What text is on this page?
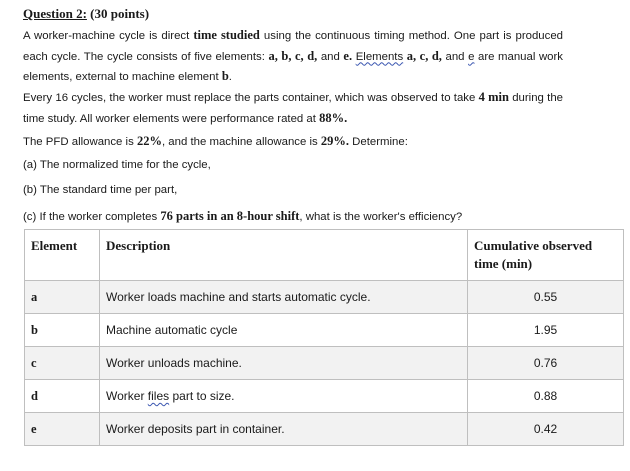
Question 2: (30 points)
A worker-machine cycle is direct time studied using the continuous timing method. One part is produced each cycle. The cycle consists of five elements: a, b, c, d, and e. Elements a, c, d, and e are manual work elements, external to machine element b.
Every 16 cycles, the worker must replace the parts container, which was observed to take 4 min during the time study. All worker elements were performance rated at 88%.
The PFD allowance is 22%, and the machine allowance is 29%. Determine:
(a) The normalized time for the cycle,
(b) The standard time per part,
(c) If the worker completes 76 parts in an 8-hour shift, what is the worker's efficiency?
Element	Description	Cumulative observed time (min)
a	Worker loads machine and starts automatic cycle.	0.55
b	Machine automatic cycle	1.95
c	Worker unloads machine.	0.76
d	Worker files part to size.	0.88
e	Worker deposits part in container.	0.42
